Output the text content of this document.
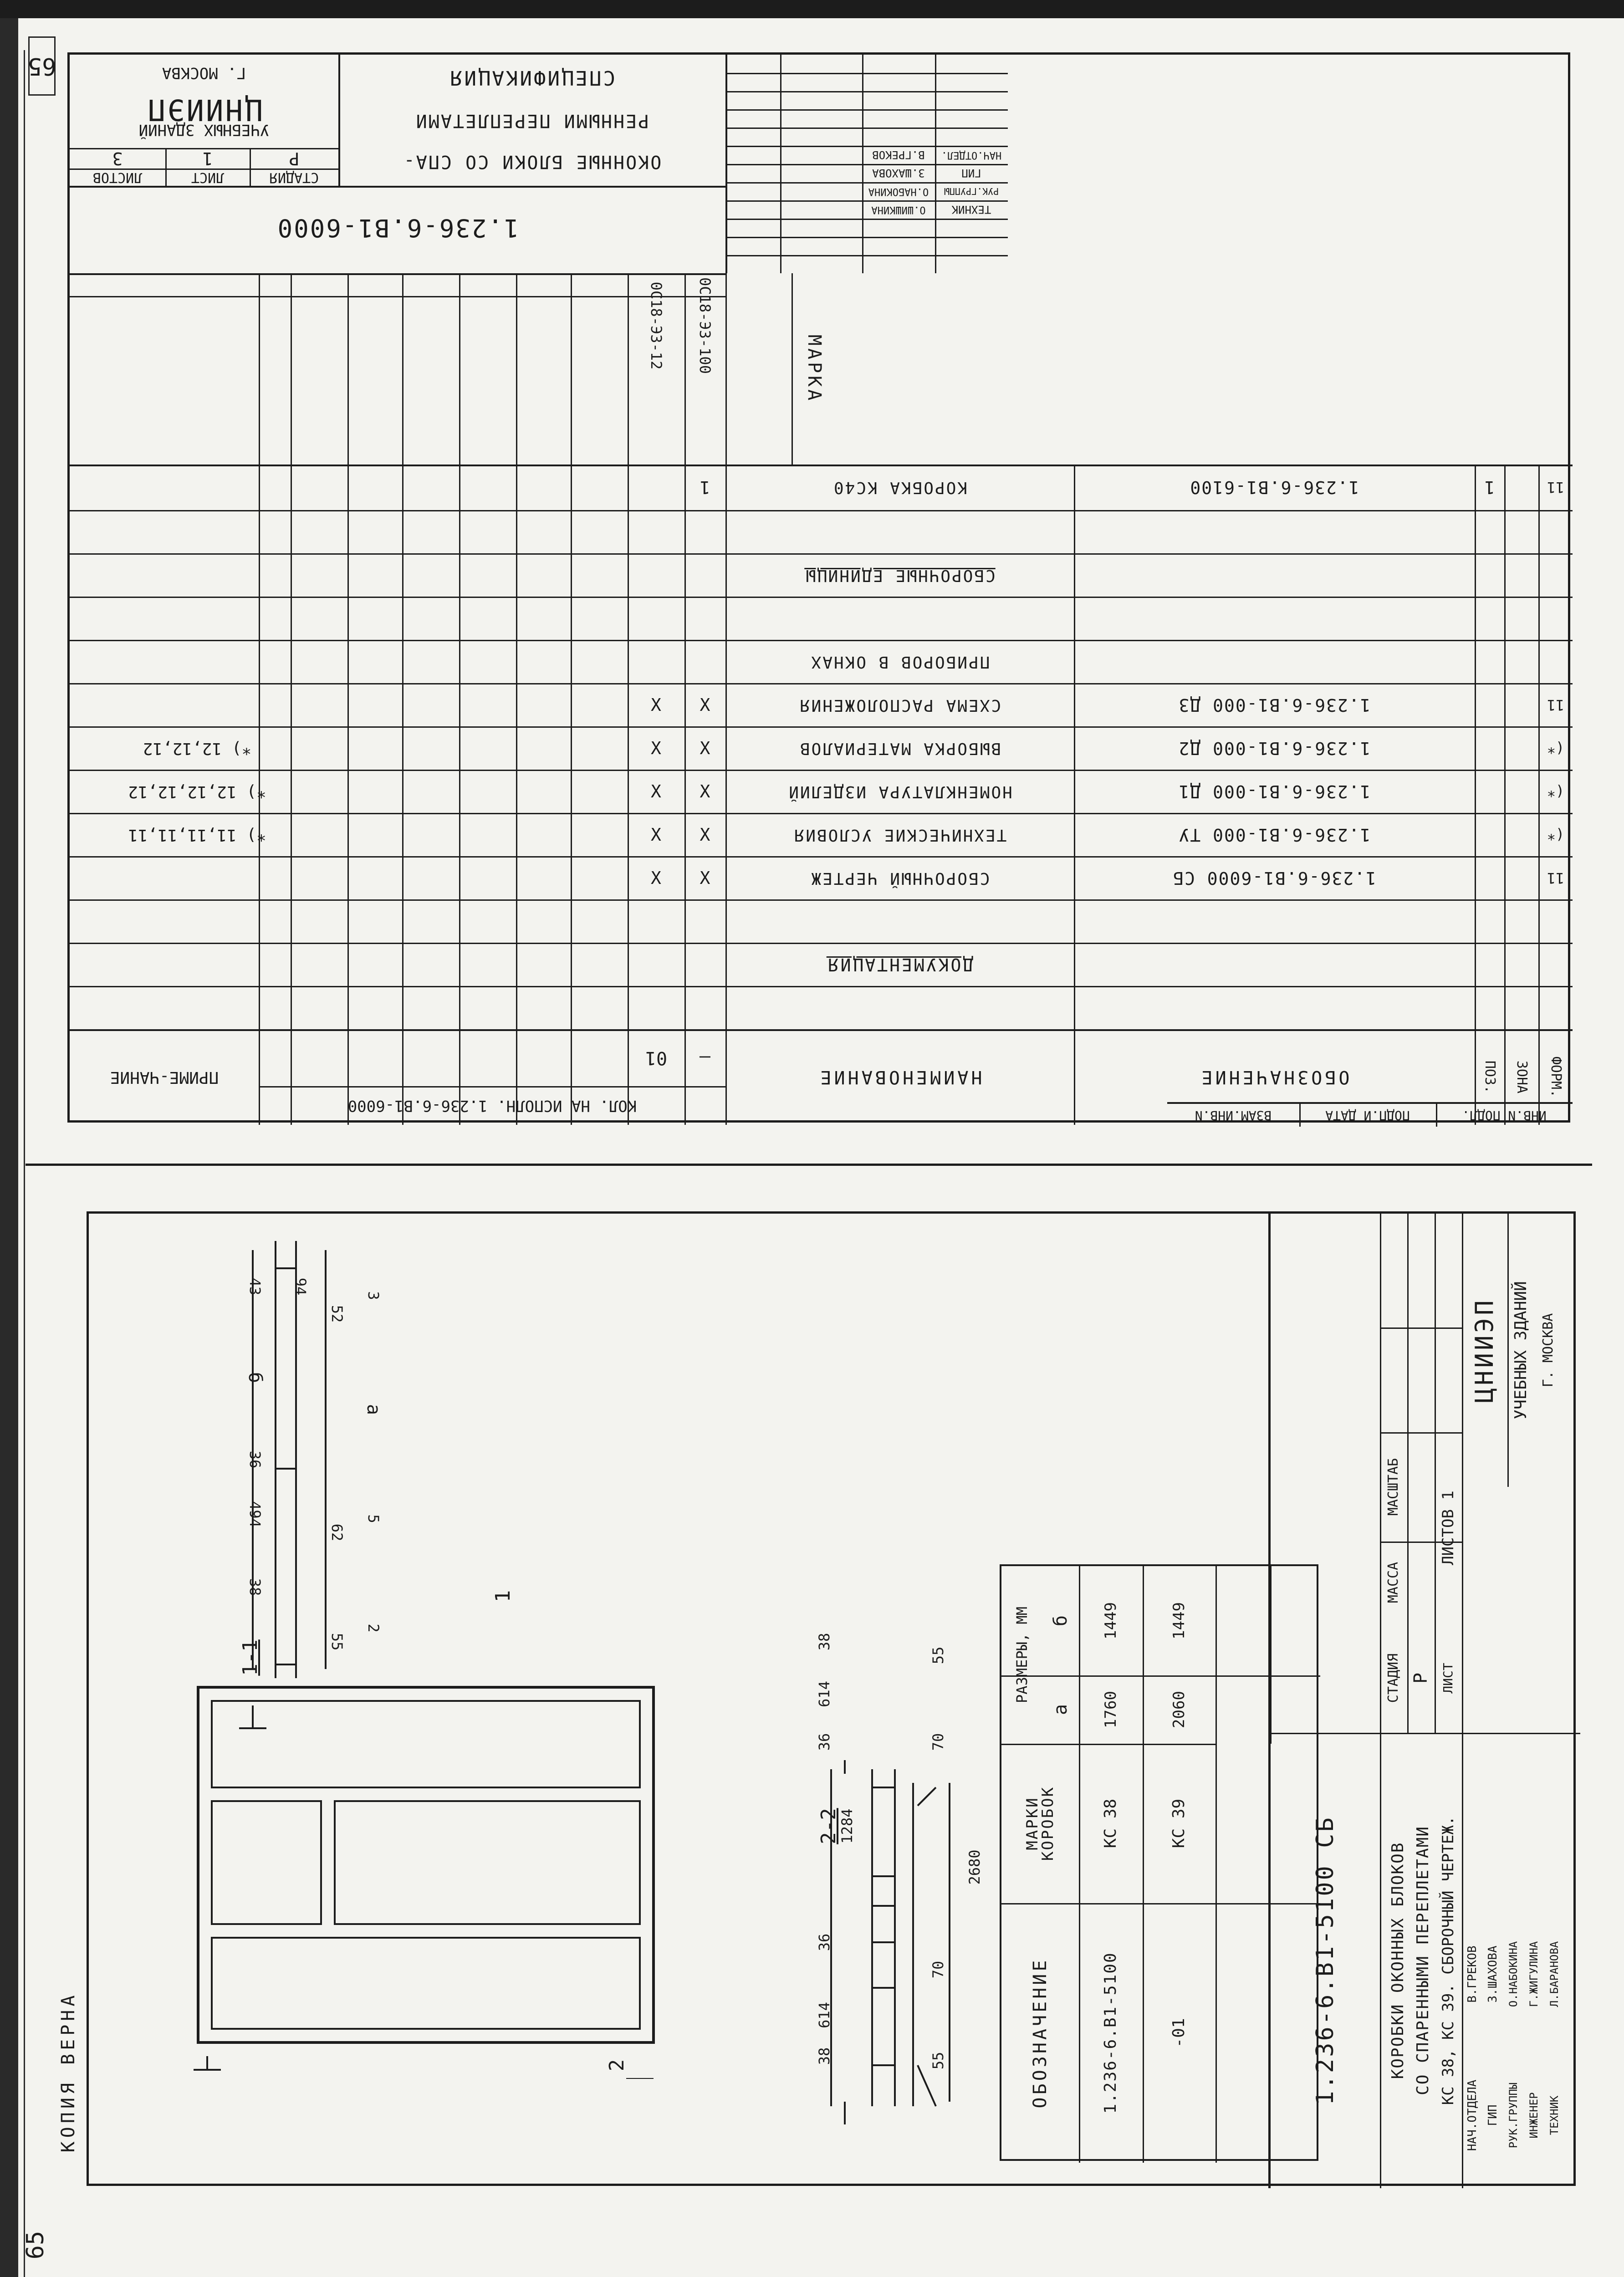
65
65
СТАДИЯ
ЛИСТ
ЛИСТОВ
Р
1
3
ЦНИИЭП
УЧЕБНЫХ ЗДАНИЙ
Г. МОСКВА
ОКОННЫЕ БЛОКИ СО СПА-
РЕННЫМИ ПЕРЕПЛЕТАМИ
СПЕЦИФИКАЦИЯ
1.236-6.В1-6000
НАЧ.ОТДЕЛ.
В.ГРЕКОВ
ГИП
З.ШАХОВА
РУК.ГРУППЫ
О.НАБОКИНА
ТЕХНИК
О.ШИШКИНА
МАРКА
0С18-ЭЗ-100
0С18-ЭЗ-12
ФОРМ.
ЗОНА
ПОЗ.
ОБОЗНАЧЕНИЕ
НАИМЕНОВАНИЕ
КОЛ. НА ИСПОЛН. 1.236-6.В1-6000
—
01
ПРИМЕ-ЧАНИЕ
ДОКУМЕНТАЦИЯ
11
1.236-6.В1-6000 СБ
СБОРОЧНЫЙ ЧЕРТЕЖ
Х
Х
(*
1.236-6.В1-000 ТУ
ТЕХНИЧЕСКИЕ УСЛОВИЯ
Х
Х
*) 11,11,11,11
(*
1.236-6.В1-000 Д1
НОМЕНКЛАТУРА ИЗДЕЛИЙ
Х
Х
*) 12,12,12,12
(*
1.236-6.В1-000 Д2
ВЫБОРКА МАТЕРИАЛОВ
Х
Х
*) 12,12,12
11
1.236-6.В1-000 Д3
СХЕМА РАСПОЛОЖЕНИЯ
Х
Х
ПРИБОРОВ В ОКНАХ
СБОРОЧНЫЕ ЕДИНИЦЫ
11
1
1.236-6.В1-6100
КОРОБКА КС40
1
ИНВ.N ПОДЛ.
ПОДП.И ДАТА
ВЗАМ.ИНВ.N
КОПИЯ ВЕРНА
1
2
2-2
38
614
36
1284
36
614
38
55
70
70
55
2680
1-1
38
494
36
б
43
55
2
62
5
а
52
3
94
ОБОЗНАЧЕНИЕ
МАРКИ КОРОБОК
РАЗМЕРЫ, ММ
а
б
1.236-6.В1-5100
КС 38
1760
1449
-01
КС 39
2060
1449
1.236-6.В1-5100 СБ	КОРОБКИ ОКОННЫХ БЛОКОВ СО СПАРЕННЫМИ ПЕРЕПЛЕТАМИ КС 38, КС 39. СБОРОЧНЫЙ ЧЕРТЕЖ.
СТАДИЯ
МАССА
МАСШТАБ
Р ЛИСТ
ЛИСТОВ 1
ЦНИИЭП УЧЕБНЫХ ЗДАНИЙ Г. МОСКВА
НАЧ.ОТДЕЛА
В.ГРЕКОВ
ГИП
З.ШАХОВА
РУК.ГРУППЫ
О.НАБОКИНА
ИНЖЕНЕР
Г.ЖИГУЛИНА
ТЕХНИК
Л.БАРАНОВА
